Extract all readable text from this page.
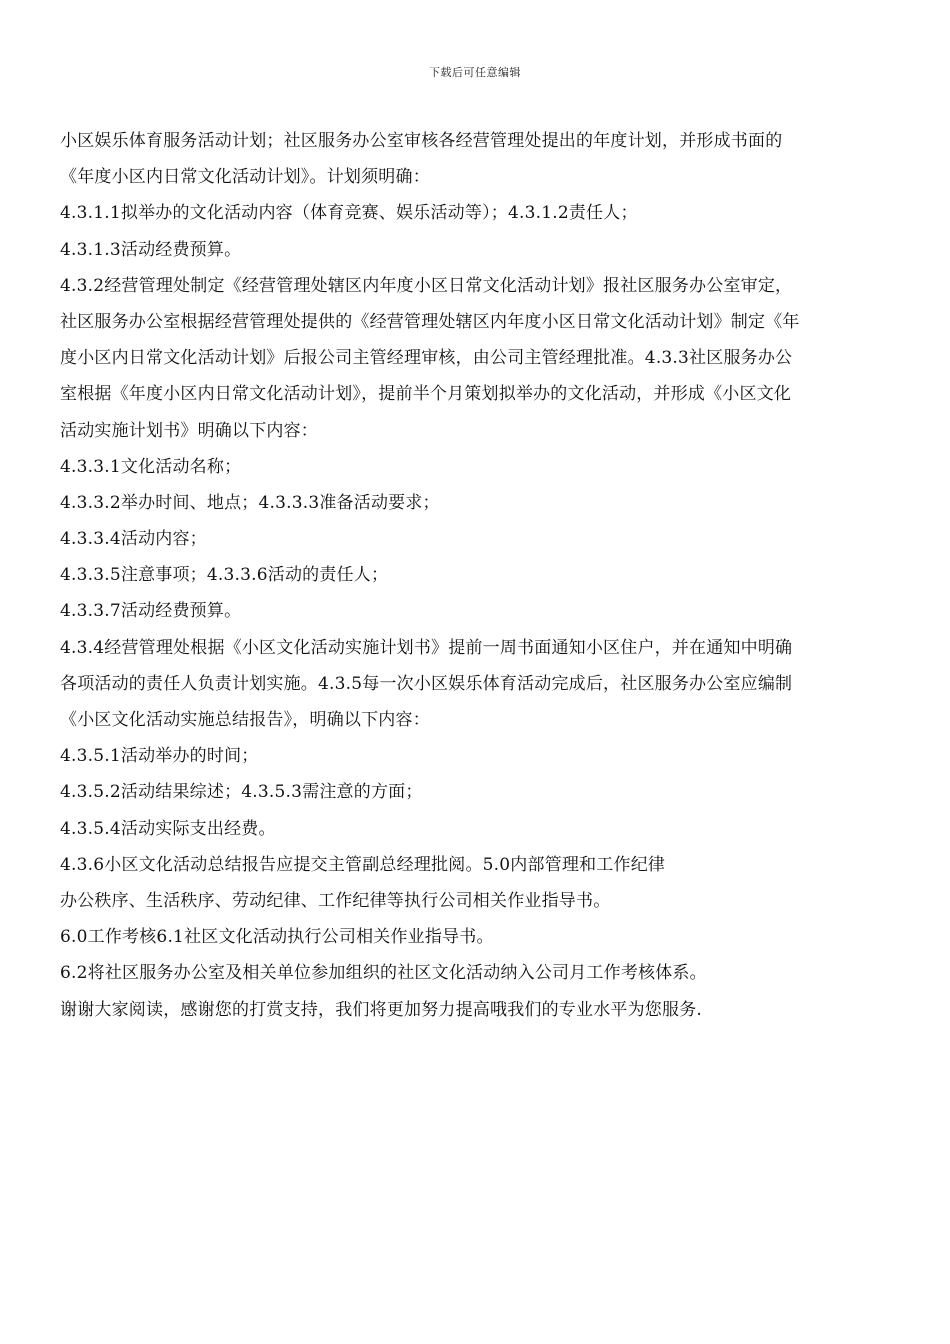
下载后可任意编辑
小区娱乐体育服务活动计划；社区服务办公室审核各经营管理处提出的年度计划，并形成书面的
《年度小区内日常文化活动计划》。计划须明确：
4.3.1.1拟举办的文化活动内容（体育竞赛、娱乐活动等）；4.3.1.2责任人；
4.3.1.3活动经费预算。
4.3.2经营管理处制定《经营管理处辖区内年度小区日常文化活动计划》报社区服务办公室审定，
社区服务办公室根据经营管理处提供的《经营管理处辖区内年度小区日常文化活动计划》制定《年
度小区内日常文化活动计划》后报公司主管经理审核，由公司主管经理批准。4.3.3社区服务办公
室根据《年度小区内日常文化活动计划》，提前半个月策划拟举办的文化活动，并形成《小区文化
活动实施计划书》明确以下内容：
4.3.3.1文化活动名称；
4.3.3.2举办时间、地点；4.3.3.3准备活动要求；
4.3.3.4活动内容；
4.3.3.5注意事项；4.3.3.6活动的责任人；
4.3.3.7活动经费预算。
4.3.4经营管理处根据《小区文化活动实施计划书》提前一周书面通知小区住户，并在通知中明确
各项活动的责任人负责计划实施。4.3.5每一次小区娱乐体育活动完成后，社区服务办公室应编制
《小区文化活动实施总结报告》，明确以下内容：
4.3.5.1活动举办的时间；
4.3.5.2活动结果综述；4.3.5.3需注意的方面；
4.3.5.4活动实际支出经费。
4.3.6小区文化活动总结报告应提交主管副总经理批阅。5.0内部管理和工作纪律
办公秩序、生活秩序、劳动纪律、工作纪律等执行公司相关作业指导书。
6.0工作考核6.1社区文化活动执行公司相关作业指导书。
6.2将社区服务办公室及相关单位参加组织的社区文化活动纳入公司月工作考核体系。
谢谢大家阅读，感谢您的打赏支持，我们将更加努力提高哦我们的专业水平为您服务.
